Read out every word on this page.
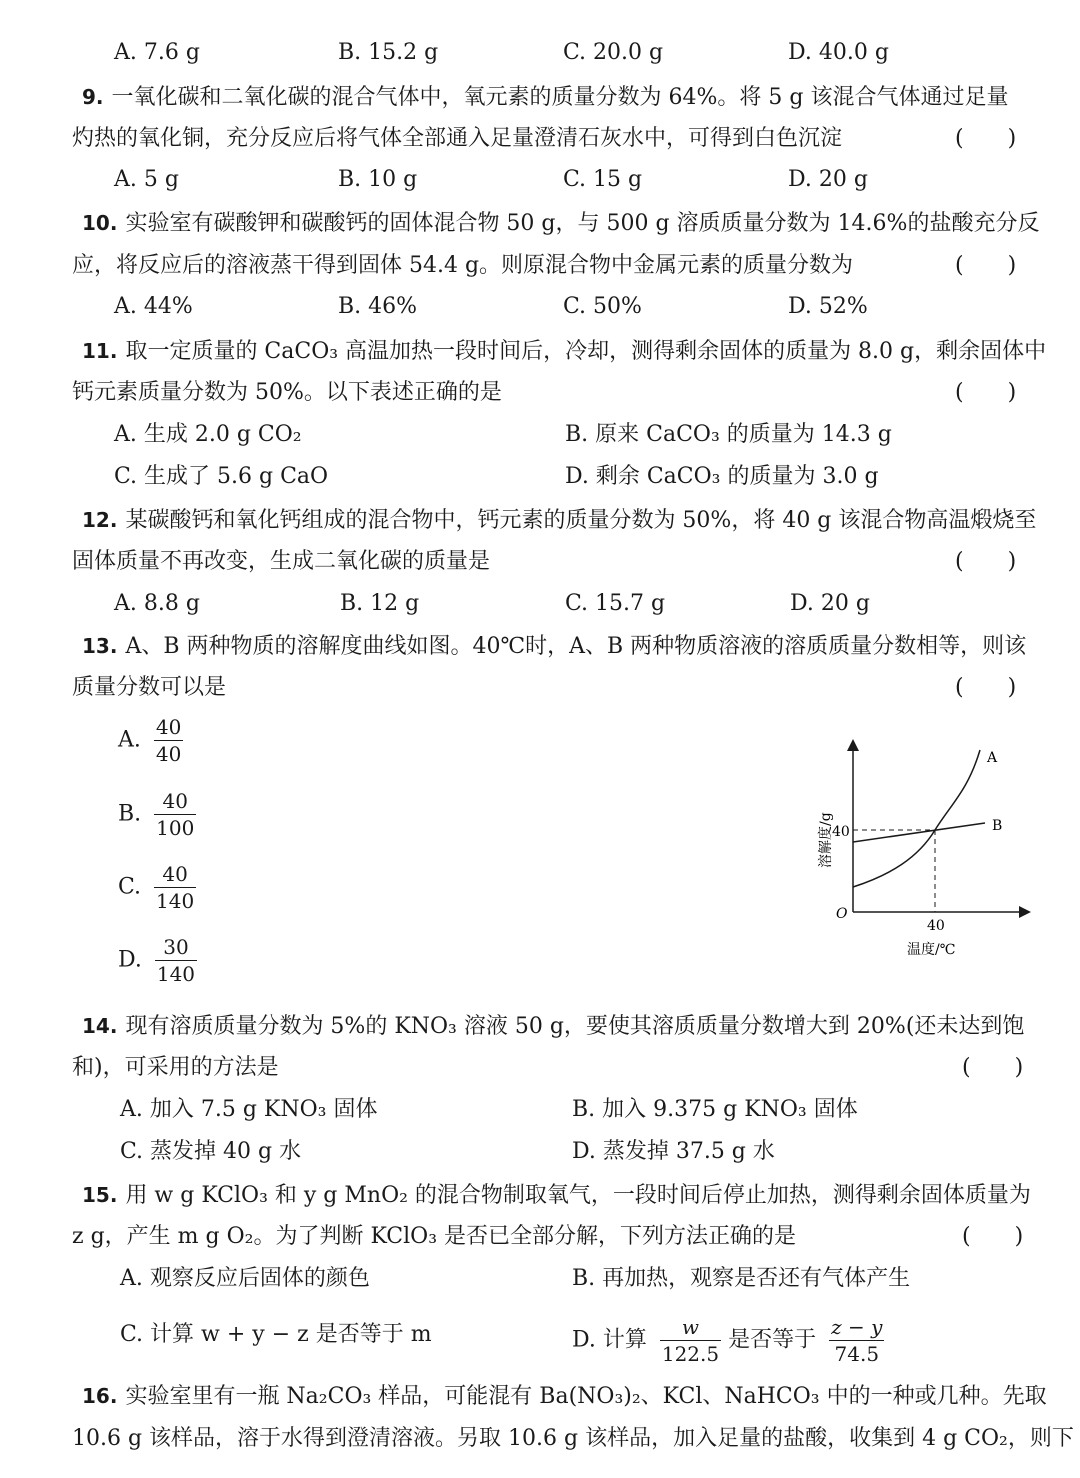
A. 7.6 g	B. 15.2 g	C. 20.0 g	D. 40.0 g
9. 一氧化碳和二氧化碳的混合气体中，氧元素的质量分数为 64%。将 5 g 该混合气体通过足量
灼热的氧化铜，充分反应后将气体全部通入足量澄清石灰水中，可得到白色沉淀	(　　)
A. 5 g	B. 10 g	C. 15 g	D. 20 g
10. 实验室有碳酸钾和碳酸钙的固体混合物 50 g，与 500 g 溶质质量分数为 14.6%的盐酸充分反
应，将反应后的溶液蒸干得到固体 54.4 g。则原混合物中金属元素的质量分数为	(　　)
A. 44%	B. 46%	C. 50%	D. 52%
11. 取一定质量的 CaCO₃ 高温加热一段时间后，冷却，测得剩余固体的质量为 8.0 g，剩余固体中
钙元素质量分数为 50%。以下表述正确的是	(　　)
A. 生成 2.0 g CO₂	B. 原来 CaCO₃ 的质量为 14.3 g
C. 生成了 5.6 g CaO	D. 剩余 CaCO₃ 的质量为 3.0 g
12. 某碳酸钙和氧化钙组成的混合物中，钙元素的质量分数为 50%，将 40 g 该混合物高温煅烧至
固体质量不再改变，生成二氧化碳的质量是	(　　)
A. 8.8 g	B. 12 g	C. 15.7 g	D. 20 g
13. A、B 两种物质的溶解度曲线如图。40℃时，A、B 两种物质溶液的溶质质量分数相等，则该
质量分数可以是	(　　)
A. $\frac{40}{40}$
B. $\frac{40}{100}$
C. $\frac{40}{140}$
D. $\frac{30}{140}$
A
B
40
40
O
温度/℃
溶解度/g
14. 现有溶质质量分数为 5%的 KNO₃ 溶液 50 g，要使其溶质质量分数增大到 20%(还未达到饱
和)，可采用的方法是	(　　)
A. 加入 7.5 g KNO₃ 固体	B. 加入 9.375 g KNO₃ 固体
C. 蒸发掉 40 g 水	D. 蒸发掉 37.5 g 水
15. 用 w g KClO₃ 和 y g MnO₂ 的混合物制取氧气，一段时间后停止加热，测得剩余固体质量为
z g，产生 m g O₂。为了判断 KClO₃ 是否已全部分解，下列方法正确的是	(　　)
A. 观察反应后固体的颜色	B. 再加热，观察是否还有气体产生
C. 计算 w + y − z 是否等于 m	D. 计算 $\frac{w}{122.5}$ 是否等于 $\frac{z - y}{74.5}$
16. 实验室里有一瓶 Na₂CO₃ 样品，可能混有 Ba(NO₃)₂、KCl、NaHCO₃ 中的一种或几种。先取
10.6 g 该样品，溶于水得到澄清溶液。另取 10.6 g 该样品，加入足量的盐酸，收集到 4 g CO₂，则下
